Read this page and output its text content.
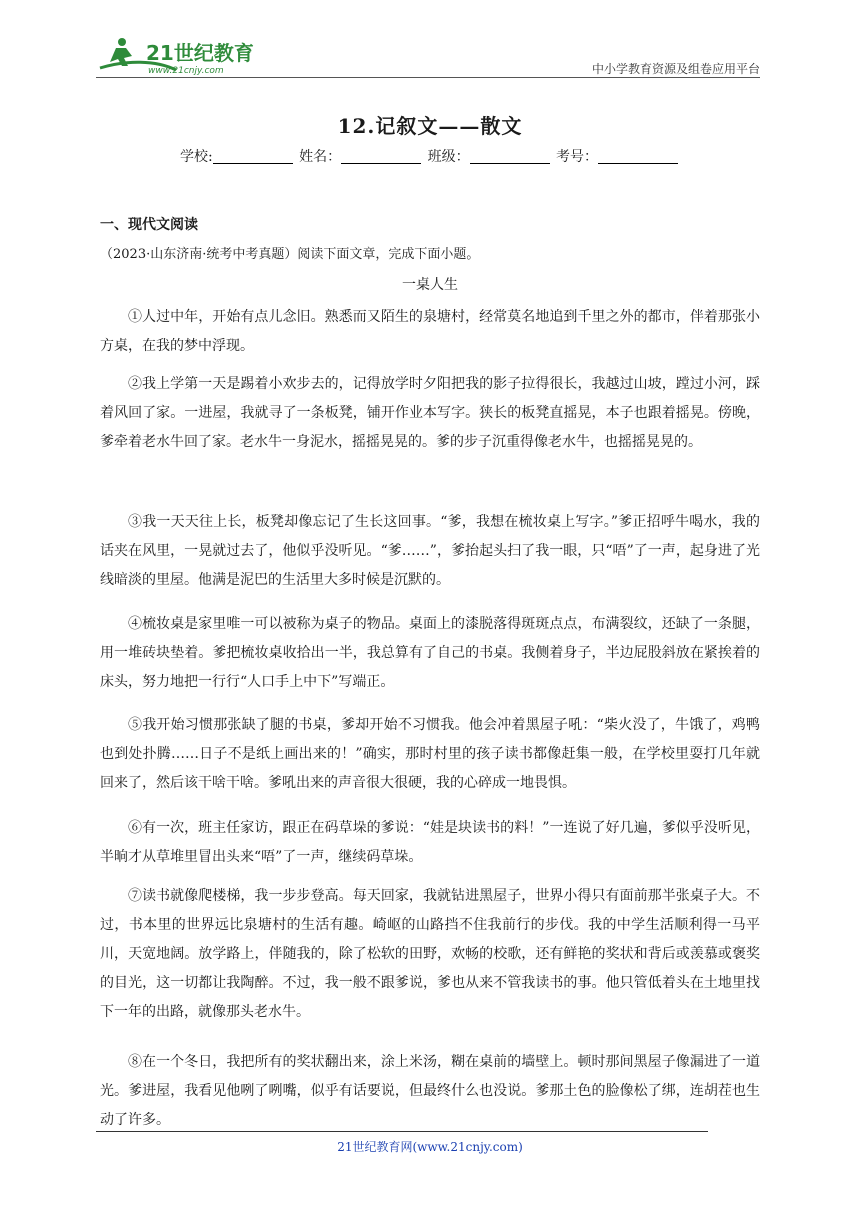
21世纪教育
www.21cnjy.com	中小学教育资源及组卷应用平台
12.记叙文——散文
学校:	姓名：	班级：	考号：
一、现代文阅读
（2023·山东济南·统考中考真题）阅读下面文章，完成下面小题。
一桌人生

①人过中年，开始有点儿念旧。熟悉而又陌生的泉塘村，经常莫名地追到千里之外的都市，伴着那张小方桌，在我的梦中浮现。

②我上学第一天是踢着小欢步去的，记得放学时夕阳把我的影子拉得很长，我越过山坡，蹚过小河，踩着风回了家。一进屋，我就寻了一条板凳，铺开作业本写字。狭长的板凳直摇晃，本子也跟着摇晃。傍晚，爹牵着老水牛回了家。老水牛一身泥水，摇摇晃晃的。爹的步子沉重得像老水牛，也摇摇晃晃的。

③我一天天往上长，板凳却像忘记了生长这回事。“爹，我想在梳妆桌上写字。”爹正招呼牛喝水，我的话夹在风里，一晃就过去了，他似乎没听见。“爹……”，爹抬起头扫了我一眼，只“唔”了一声，起身进了光线暗淡的里屋。他满是泥巴的生活里大多时候是沉默的。

④梳妆桌是家里唯一可以被称为桌子的物品。桌面上的漆脱落得斑斑点点，布满裂纹，还缺了一条腿，用一堆砖块垫着。爹把梳妆桌收拾出一半，我总算有了自己的书桌。我侧着身子，半边屁股斜放在紧挨着的床头，努力地把一行行“人口手上中下”写端正。

⑤我开始习惯那张缺了腿的书桌，爹却开始不习惯我。他会冲着黑屋子吼：“柴火没了，牛饿了，鸡鸭也到处扑腾……日子不是纸上画出来的！”确实，那时村里的孩子读书都像赶集一般，在学校里耍打几年就回来了，然后该干啥干啥。爹吼出来的声音很大很硬，我的心碎成一地畏惧。

⑥有一次，班主任家访，跟正在码草垛的爹说：“娃是块读书的料！”一连说了好几遍，爹似乎没听见，半晌才从草堆里冒出头来“唔”了一声，继续码草垛。

⑦读书就像爬楼梯，我一步步登高。每天回家，我就钻进黑屋子，世界小得只有面前那半张桌子大。不过，书本里的世界远比泉塘村的生活有趣。崎岖的山路挡不住我前行的步伐。我的中学生活顺利得一马平川，天宽地阔。放学路上，伴随我的，除了松软的田野，欢畅的校歌，还有鲜艳的奖状和背后或羡慕或褒奖的目光，这一切都让我陶醉。不过，我一般不跟爹说，爹也从来不管我读书的事。他只管低着头在土地里找下一年的出路，就像那头老水牛。

⑧在一个冬日，我把所有的奖状翻出来，涂上米汤，糊在桌前的墙壁上。顿时那间黑屋子像漏进了一道光。爹进屋，我看见他咧了咧嘴，似乎有话要说，但最终什么也没说。爹那土色的脸像松了绑，连胡茬也生动了许多。

21世纪教育网(www.21cnjy.com)
